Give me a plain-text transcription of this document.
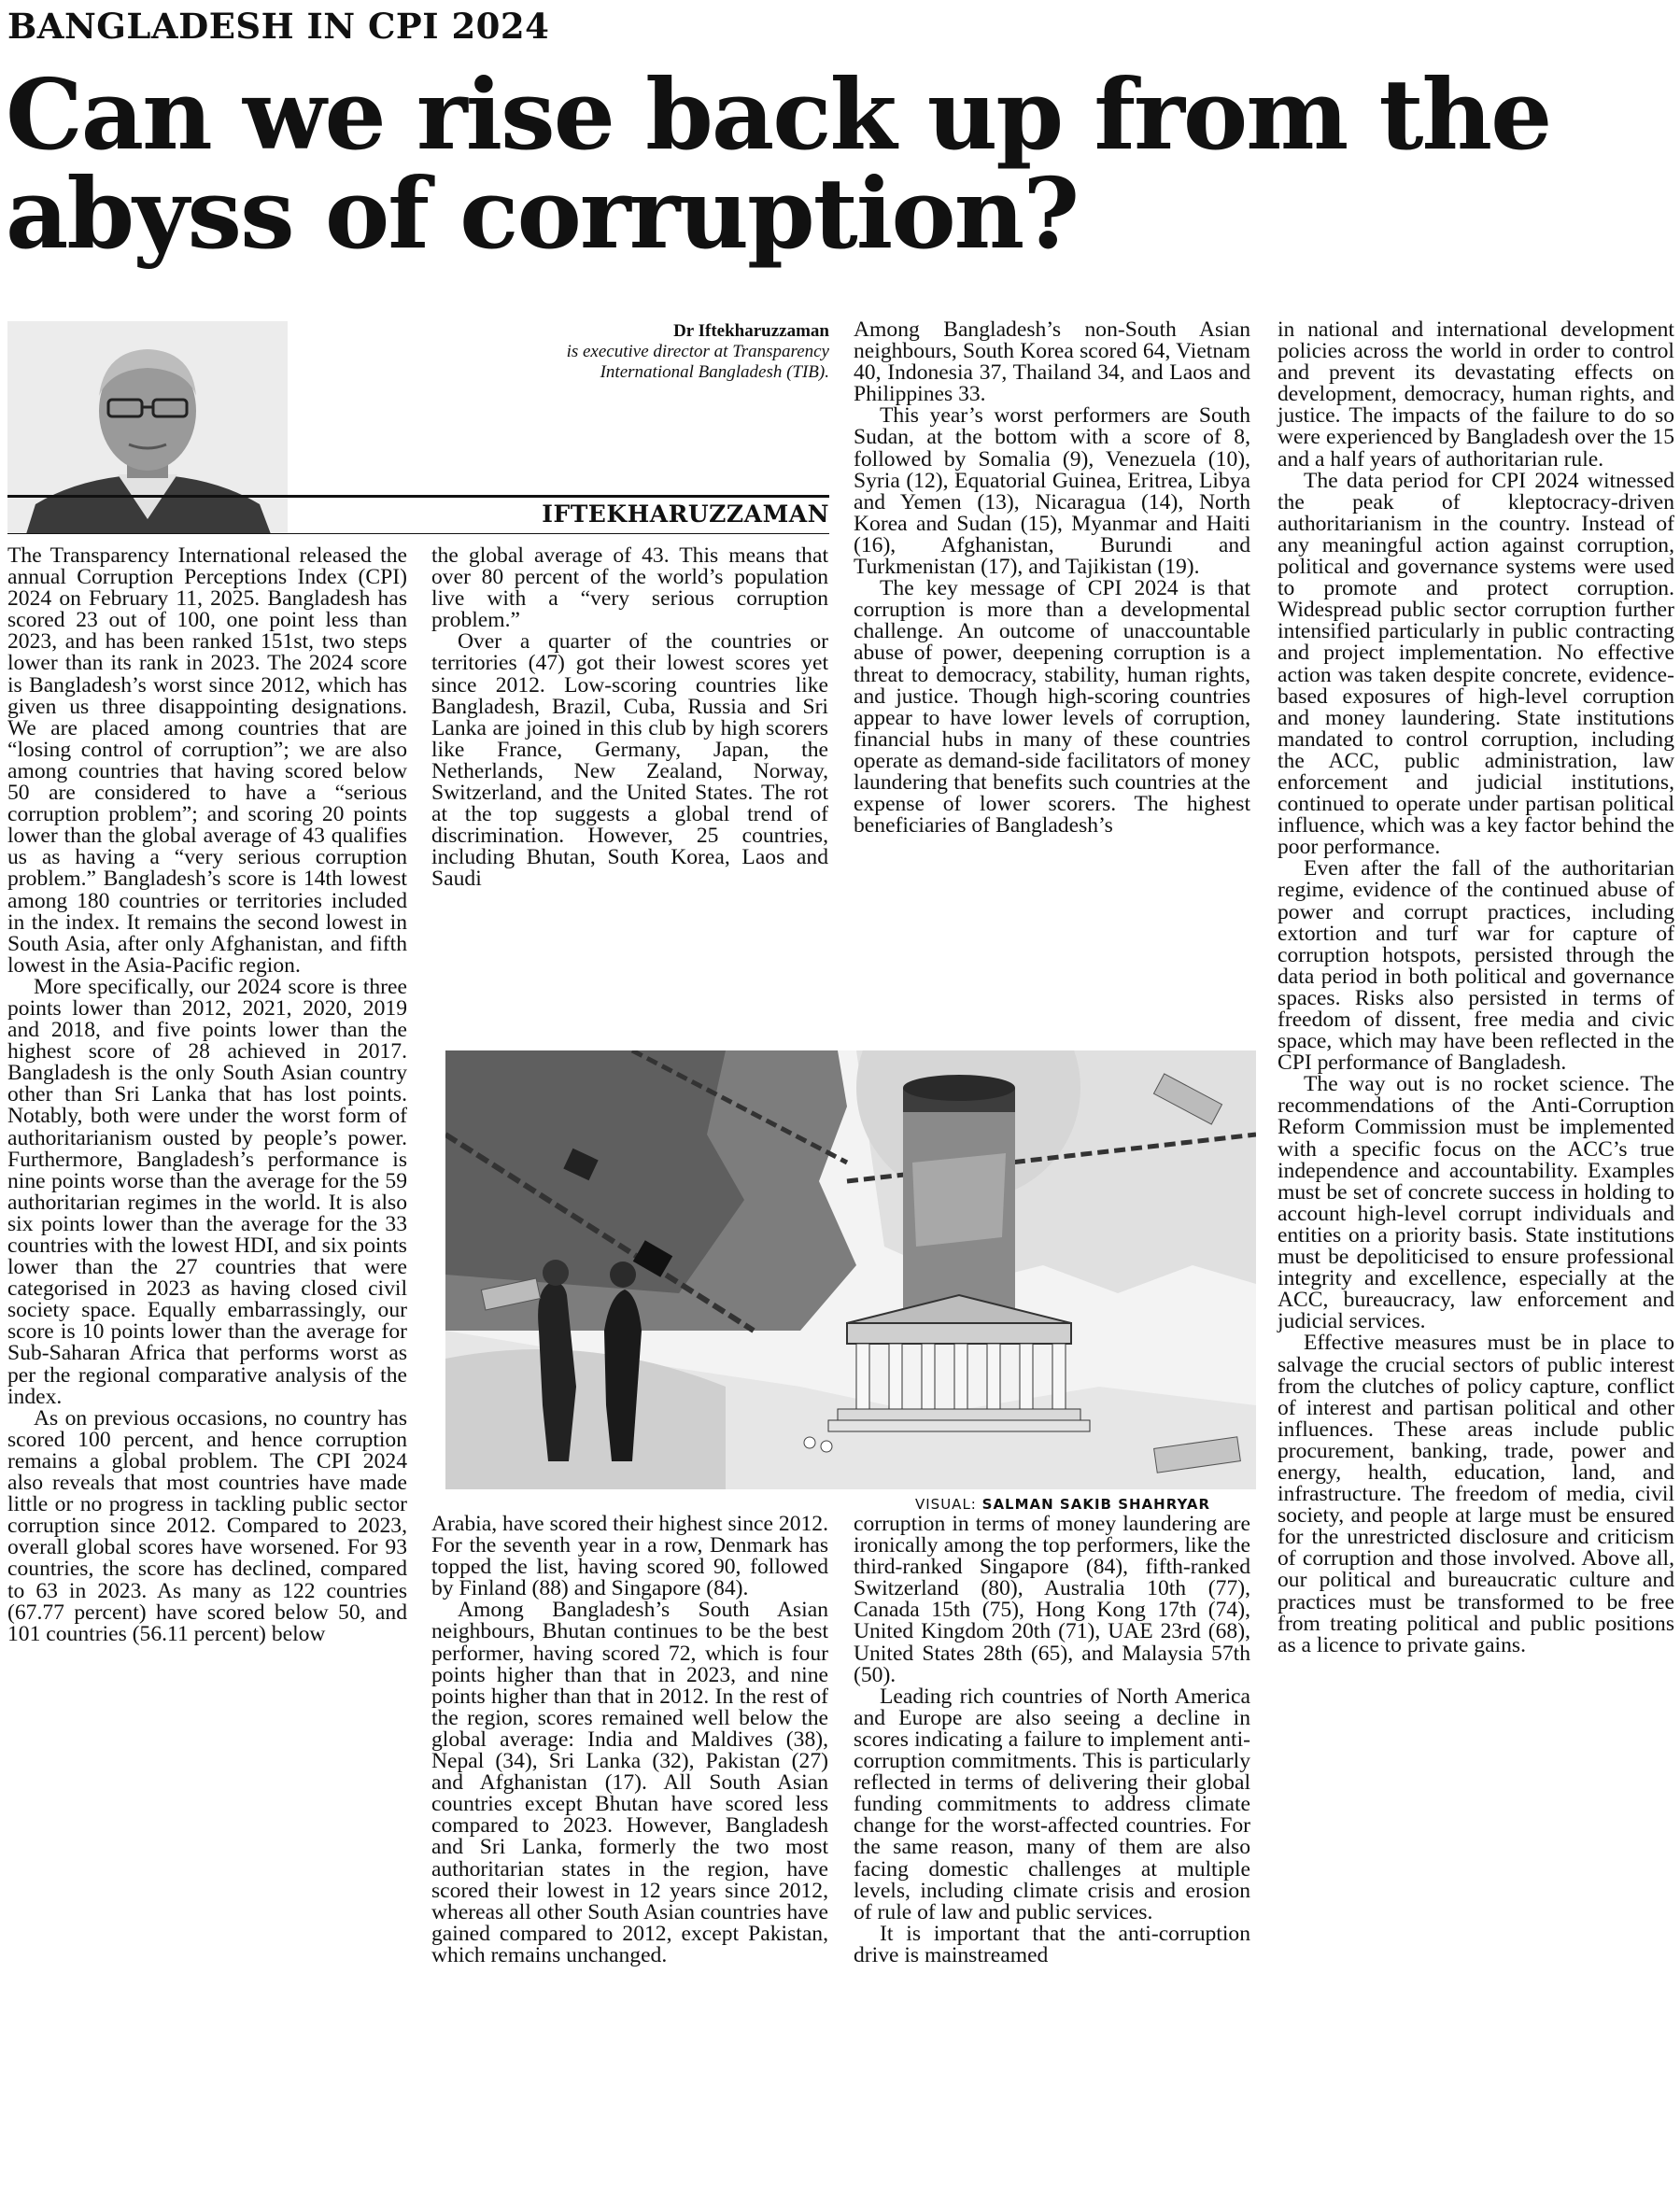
BANGLADESH IN CPI 2024
Can we rise back up from the abyss of corruption?
Dr Iftekharuzzaman
is executive director at Transparency
International Bangladesh (TIB).
IFTEKHARUZZAMAN

The Transparency International released the annual Corruption Perceptions Index (CPI) 2024 on February 11, 2025. Bangladesh has scored 23 out of 100, one point less than 2023, and has been ranked 151st, two steps lower than its rank in 2023. The 2024 score is Bangladesh’s worst since 2012, which has given us three disappointing designations. We are placed among countries that are “losing control of corruption”; we are also among countries that having scored below 50 are considered to have a “serious corruption problem”; and scoring 20 points lower than the global average of 43 qualifies us as having a “very serious corruption problem.” Bangladesh’s score is 14th lowest among 180 countries or territories included in the index. It remains the second lowest in South Asia, after only Afghanistan, and fifth lowest in the Asia-Pacific region.

More specifically, our 2024 score is three points lower than 2012, 2021, 2020, 2019 and 2018, and five points lower than the highest score of 28 achieved in 2017. Bangladesh is the only South Asian country other than Sri Lanka that has lost points. Notably, both were under the worst form of authoritarianism ousted by people’s power. Furthermore, Bangladesh’s performance is nine points worse than the average for the 59 authoritarian regimes in the world. It is also six points lower than the average for the 33 countries with the lowest HDI, and six points lower than the 27 countries that were categorised in 2023 as having closed civil society space. Equally embarrassingly, our score is 10 points lower than the average for Sub-Saharan Africa that performs worst as per the regional comparative analysis of the index.

As on previous occasions, no country has scored 100 percent, and hence corruption remains a global problem. The CPI 2024 also reveals that most countries have made little or no progress in tackling public sector corruption since 2012. Compared to 2023, overall global scores have worsened. For 93 countries, the score has declined, compared to 63 in 2023. As many as 122 countries (67.77 percent) have scored below 50, and 101 countries (56.11 percent) below

the global average of 43. This means that over 80 percent of the world’s population live with a “very serious corruption problem.”

Over a quarter of the countries or territories (47) got their lowest scores yet since 2012. Low-scoring countries like Bangladesh, Brazil, Cuba, Russia and Sri Lanka are joined in this club by high scorers like France, Germany, Japan, the Netherlands, New Zealand, Norway, Switzerland, and the United States. The rot at the top suggests a global trend of discrimination. However, 25 countries, including Bhutan, South Korea, Laos and Saudi

Among Bangladesh’s non-South Asian neighbours, South Korea scored 64, Vietnam 40, Indonesia 37, Thailand 34, and Laos and Philippines 33.

This year’s worst performers are South Sudan, at the bottom with a score of 8, followed by Somalia (9), Venezuela (10), Syria (12), Equatorial Guinea, Eritrea, Libya and Yemen (13), Nicaragua (14), North Korea and Sudan (15), Myanmar and Haiti (16), Afghanistan, Burundi and Turkmenistan (17), and Tajikistan (19).

The key message of CPI 2024 is that corruption is more than a developmental challenge. An outcome of unaccountable abuse of power, deepening corruption is a threat to democracy, stability, human rights, and justice. Though high-scoring countries appear to have lower levels of corruption, financial hubs in many of these countries operate as demand-side facilitators of money laundering that benefits such countries at the expense of lower scorers. The highest beneficiaries of Bangladesh’s

in national and international development policies across the world in order to control and prevent its devastating effects on development, democracy, human rights, and justice. The impacts of the failure to do so were experienced by Bangladesh over the 15 and a half years of authoritarian rule.

The data period for CPI 2024 witnessed the peak of kleptocracy-driven authoritarianism in the country. Instead of any meaningful action against corruption, political and governance systems were used to promote and protect corruption. Widespread public sector corruption further intensified particularly in public contracting and project implementation. No effective action was taken despite concrete, evidence-based exposures of high-level corruption and money laundering. State institutions mandated to control corruption, including the ACC, public administration, law enforcement and judicial institutions, continued to operate under partisan political influence, which was a key factor behind the poor performance.

Even after the fall of the authoritarian regime, evidence of the continued abuse of power and corrupt practices, including extortion and turf war for capture of corruption hotspots, persisted through the data period in both political and governance spaces. Risks also persisted in terms of freedom of dissent, free media and civic space, which may have been reflected in the CPI performance of Bangladesh.

The way out is no rocket science. The recommendations of the Anti-Corruption Reform Commission must be implemented with a specific focus on the ACC’s true independence and accountability. Examples must be set of concrete success in holding to account high-level corrupt individuals and entities on a priority basis. State institutions must be depoliticised to ensure professional integrity and excellence, especially at the ACC, bureaucracy, law enforcement and judicial services.

Effective measures must be in place to salvage the crucial sectors of public interest from the clutches of policy capture, conflict of interest and partisan political and other influences. These areas include public procurement, banking, trade, power and energy, health, education, land, and infrastructure. The freedom of media, civil society, and people at large must be ensured for the unrestricted disclosure and criticism of corruption and those involved. Above all, our political and bureaucratic culture and practices must be transformed to be free from treating political and public positions as a licence to private gains.

VISUAL: SALMAN SAKIB SHAHRYAR

Arabia, have scored their highest since 2012. For the seventh year in a row, Denmark has topped the list, having scored 90, followed by Finland (88) and Singapore (84).

Among Bangladesh’s South Asian neighbours, Bhutan continues to be the best performer, having scored 72, which is four points higher than that in 2023, and nine points higher than that in 2012. In the rest of the region, scores remained well below the global average: India and Maldives (38), Nepal (34), Sri Lanka (32), Pakistan (27) and Afghanistan (17). All South Asian countries except Bhutan have scored less compared to 2023. However, Bangladesh and Sri Lanka, formerly the two most authoritarian states in the region, have scored their lowest in 12 years since 2012, whereas all other South Asian countries have gained compared to 2012, except Pakistan, which remains unchanged.

corruption in terms of money laundering are ironically among the top performers, like the third-ranked Singapore (84), fifth-ranked Switzerland (80), Australia 10th (77), Canada 15th (75), Hong Kong 17th (74), United Kingdom 20th (71), UAE 23rd (68), United States 28th (65), and Malaysia 57th (50).

Leading rich countries of North America and Europe are also seeing a decline in scores indicating a failure to implement anti-corruption commitments. This is particularly reflected in terms of delivering their global funding commitments to address climate change for the worst-affected countries. For the same reason, many of them are also facing domestic challenges at multiple levels, including climate crisis and erosion of rule of law and public services.

It is important that the anti-corruption drive is mainstreamed
